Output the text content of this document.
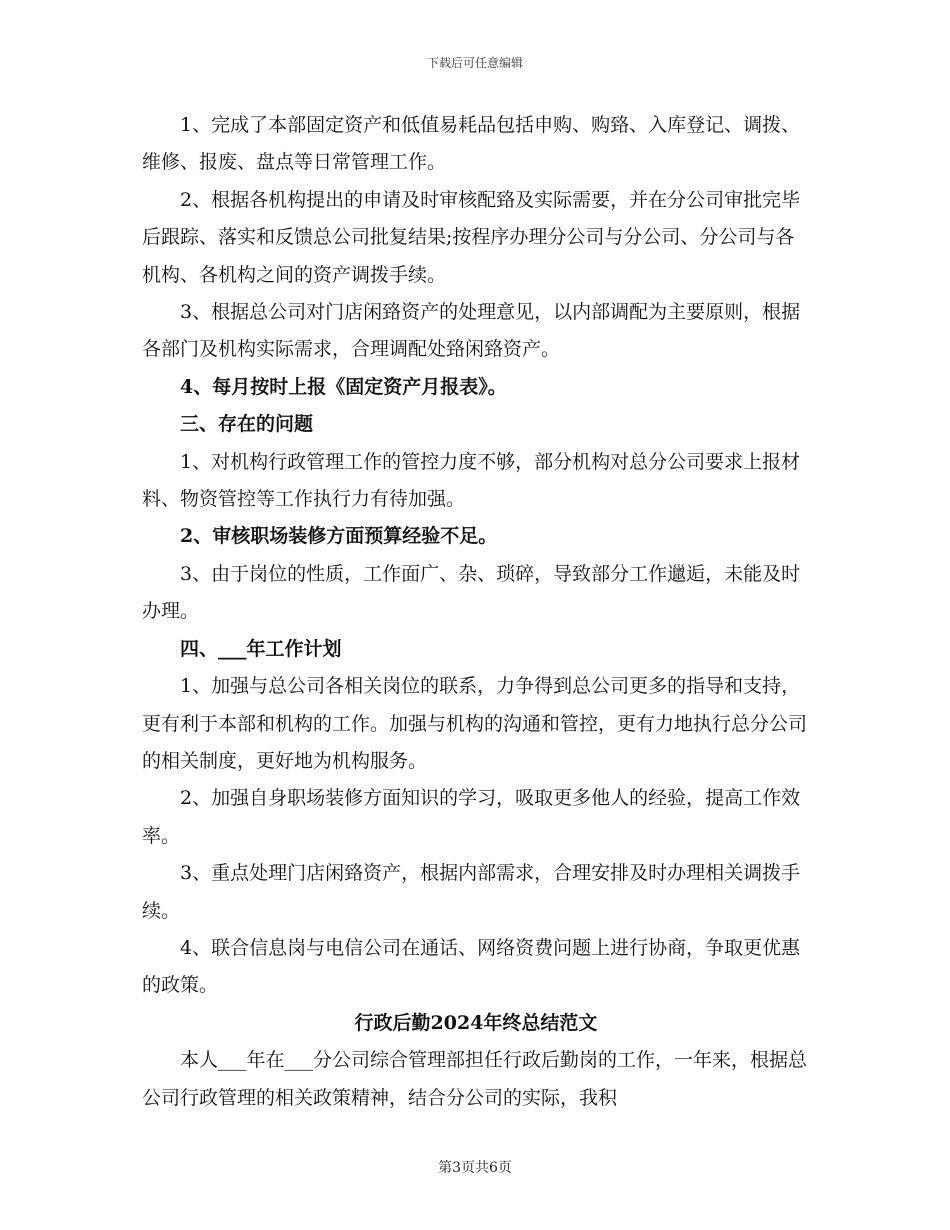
下载后可任意编辑

1、完成了本部固定资产和低值易耗品包括申购、购臵、入库登记、调拨、维修、报废、盘点等日常管理工作。

2、根据各机构提出的申请及时审核配臵及实际需要，并在分公司审批完毕后跟踪、落实和反馈总公司批复结果;按程序办理分公司与分公司、分公司与各机构、各机构之间的资产调拨手续。

3、根据总公司对门店闲臵资产的处理意见，以内部调配为主要原则，根据各部门及机构实际需求，合理调配处臵闲臵资产。

4、每月按时上报《固定资产月报表》。

三、存在的问题

1、对机构行政管理工作的管控力度不够，部分机构对总分公司要求上报材料、物资管控等工作执行力有待加强。

2、审核职场装修方面预算经验不足。

3、由于岗位的性质，工作面广、杂、琐碎，导致部分工作邋逅，未能及时办理。

四、___年工作计划

1、加强与总公司各相关岗位的联系，力争得到总公司更多的指导和支持，更有利于本部和机构的工作。加强与机构的沟通和管控，更有力地执行总分公司的相关制度，更好地为机构服务。

2、加强自身职场装修方面知识的学习，吸取更多他人的经验，提高工作效率。

3、重点处理门店闲臵资产，根据内部需求，合理安排及时办理相关调拨手续。

4、联合信息岗与电信公司在通话、网络资费问题上进行协商，争取更优惠的政策。

行政后勤2024年终总结范文

本人___年在___分公司综合管理部担任行政后勤岗的工作，一年来，根据总公司行政管理的相关政策精神，结合分公司的实际，我积

第3页共6页
